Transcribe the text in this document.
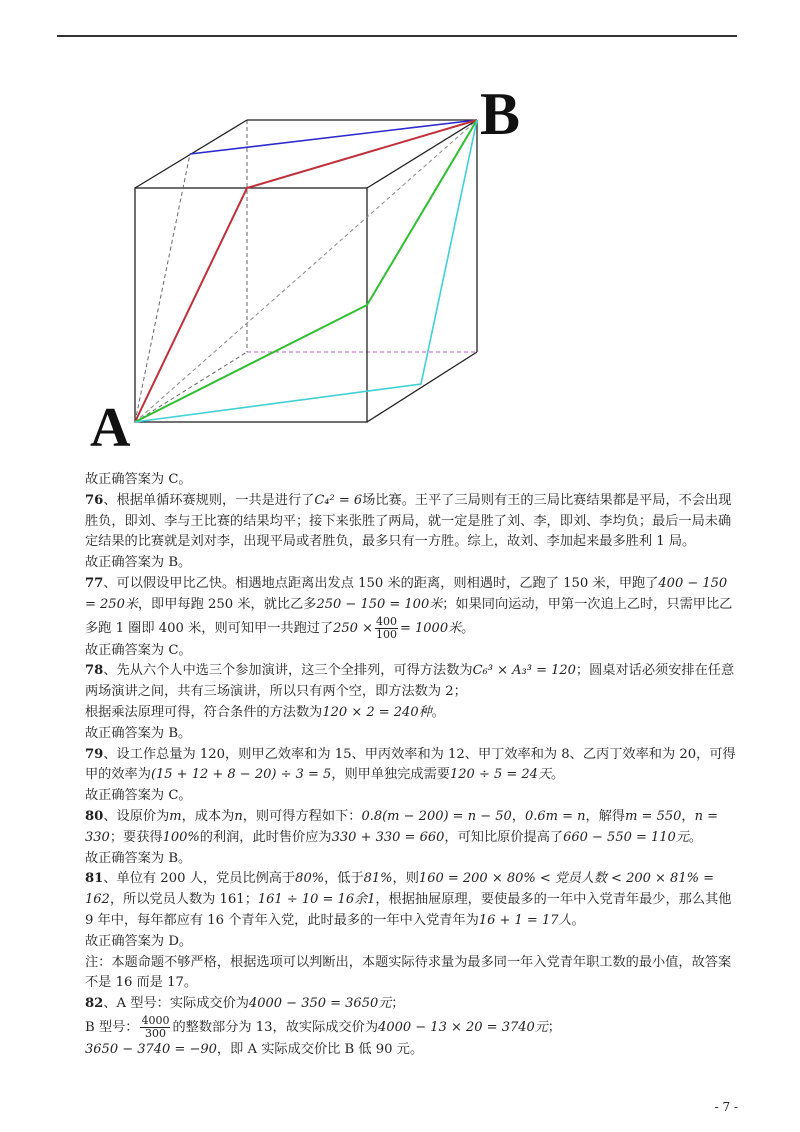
A
B

故正确答案为 C。

76、根据单循环赛规则，一共是进行了C₄² = 6场比赛。王平了三局则有王的三局比赛结果都是平局，不会出现胜负，即刘、李与王比赛的结果均平；接下来张胜了两局，就一定是胜了刘、李，即刘、李均负；最后一局未确定结果的比赛就是刘对李，出现平局或者胜负，最多只有一方胜。综上，故刘、李加起来最多胜利 1 局。

故正确答案为 B。

77、可以假设甲比乙快。相遇地点距离出发点 150 米的距离，则相遇时，乙跑了 150 米，甲跑了400 − 150 = 250米，即甲每跑 250 米，就比乙多250 − 150 = 100米；如果同向运动，甲第一次追上乙时，只需甲比乙多跑 1 圈即 400 米，则可知甲一共跑过了$250 \times \frac{400}{100} = 1000$米。

故正确答案为 C。

78、先从六个人中选三个参加演讲，这三个全排列，可得方法数为C₆³ × A₃³ = 120；圆桌对话必须安排在任意两场演讲之间，共有三场演讲，所以只有两个空，即方法数为 2；

根据乘法原理可得，符合条件的方法数为120 × 2 = 240种。

故正确答案为 B。

79、设工作总量为 120，则甲乙效率和为 15、甲丙效率和为 12、甲丁效率和为 8、乙丙丁效率和为 20，可得甲的效率为(15 + 12 + 8 − 20) ÷ 3 = 5，则甲单独完成需要120 ÷ 5 = 24天。

故正确答案为 C。

80、设原价为m，成本为n，则可得方程如下：0.8(m − 200) = n − 50，0.6m = n，解得m = 550，n = 330；要获得100%的利润，此时售价应为330 + 330 = 660，可知比原价提高了660 − 550 = 110元。

故正确答案为 B。

81、单位有 200 人，党员比例高于80%，低于81%，则160 = 200 × 80% < 党员人数 < 200 × 81% = 162，所以党员人数为 161；161 ÷ 10 = 16余1，根据抽屉原理，要使最多的一年中入党青年最少，那么其他 9 年中，每年都应有 16 个青年入党，此时最多的一年中入党青年为16 + 1 = 17人。

故正确答案为 D。

注：本题命题不够严格，根据选项可以判断出，本题实际待求量为最多同一年入党青年职工数的最小值，故答案不是 16 而是 17。

82、A 型号：实际成交价为4000 − 350 = 3650元；

B 型号： $\frac{4000}{300}$ 的整数部分为 13，故实际成交价为4000 − 13 × 20 = 3740元；

3650 − 3740 = −90，即 A 实际成交价比 B 低 90 元。

- 7 -
